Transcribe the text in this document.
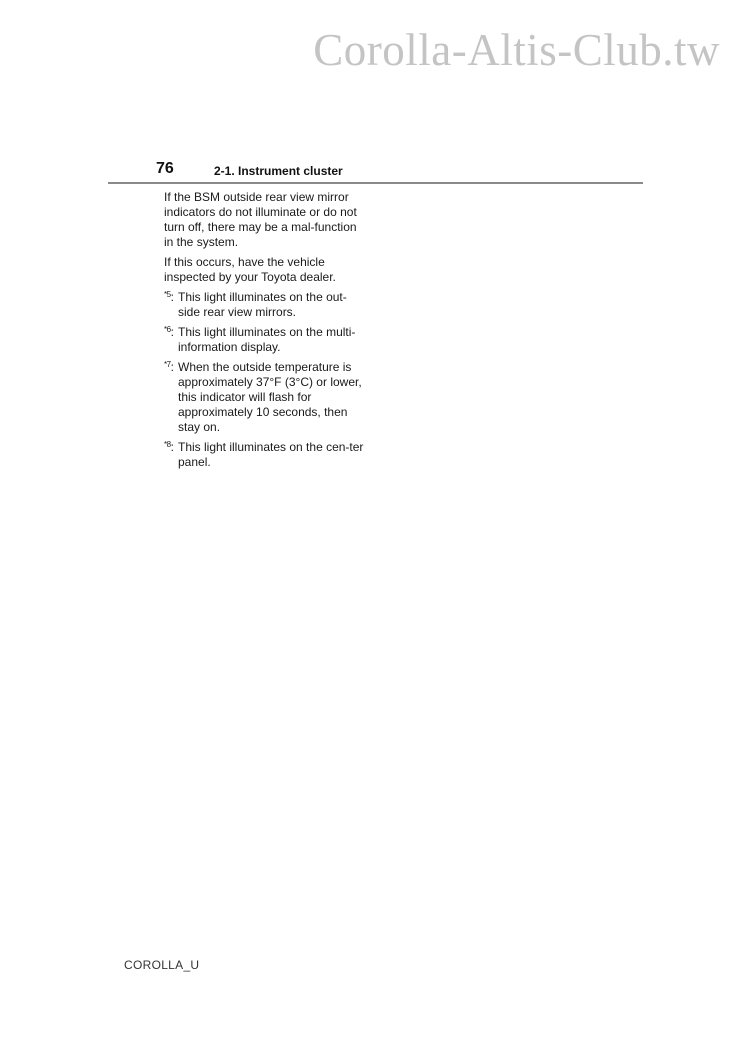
Corolla-Altis-Club.tw
76	2-1. Instrument cluster

If the BSM outside rear view mirror indicators do not illuminate or do not turn off, there may be a mal-function in the system.

If this occurs, have the vehicle inspected by your Toyota dealer.

$^{*5}$: This light illuminates on the out-side rear view mirrors.
$^{*6}$: This light illuminates on the multi-information display.
$^{*7}$: When the outside temperature is approximately 37°F (3°C) or lower, this indicator will flash for approximately 10 seconds, then stay on.
$^{*8}$: This light illuminates on the cen-ter panel.
COROLLA_U
